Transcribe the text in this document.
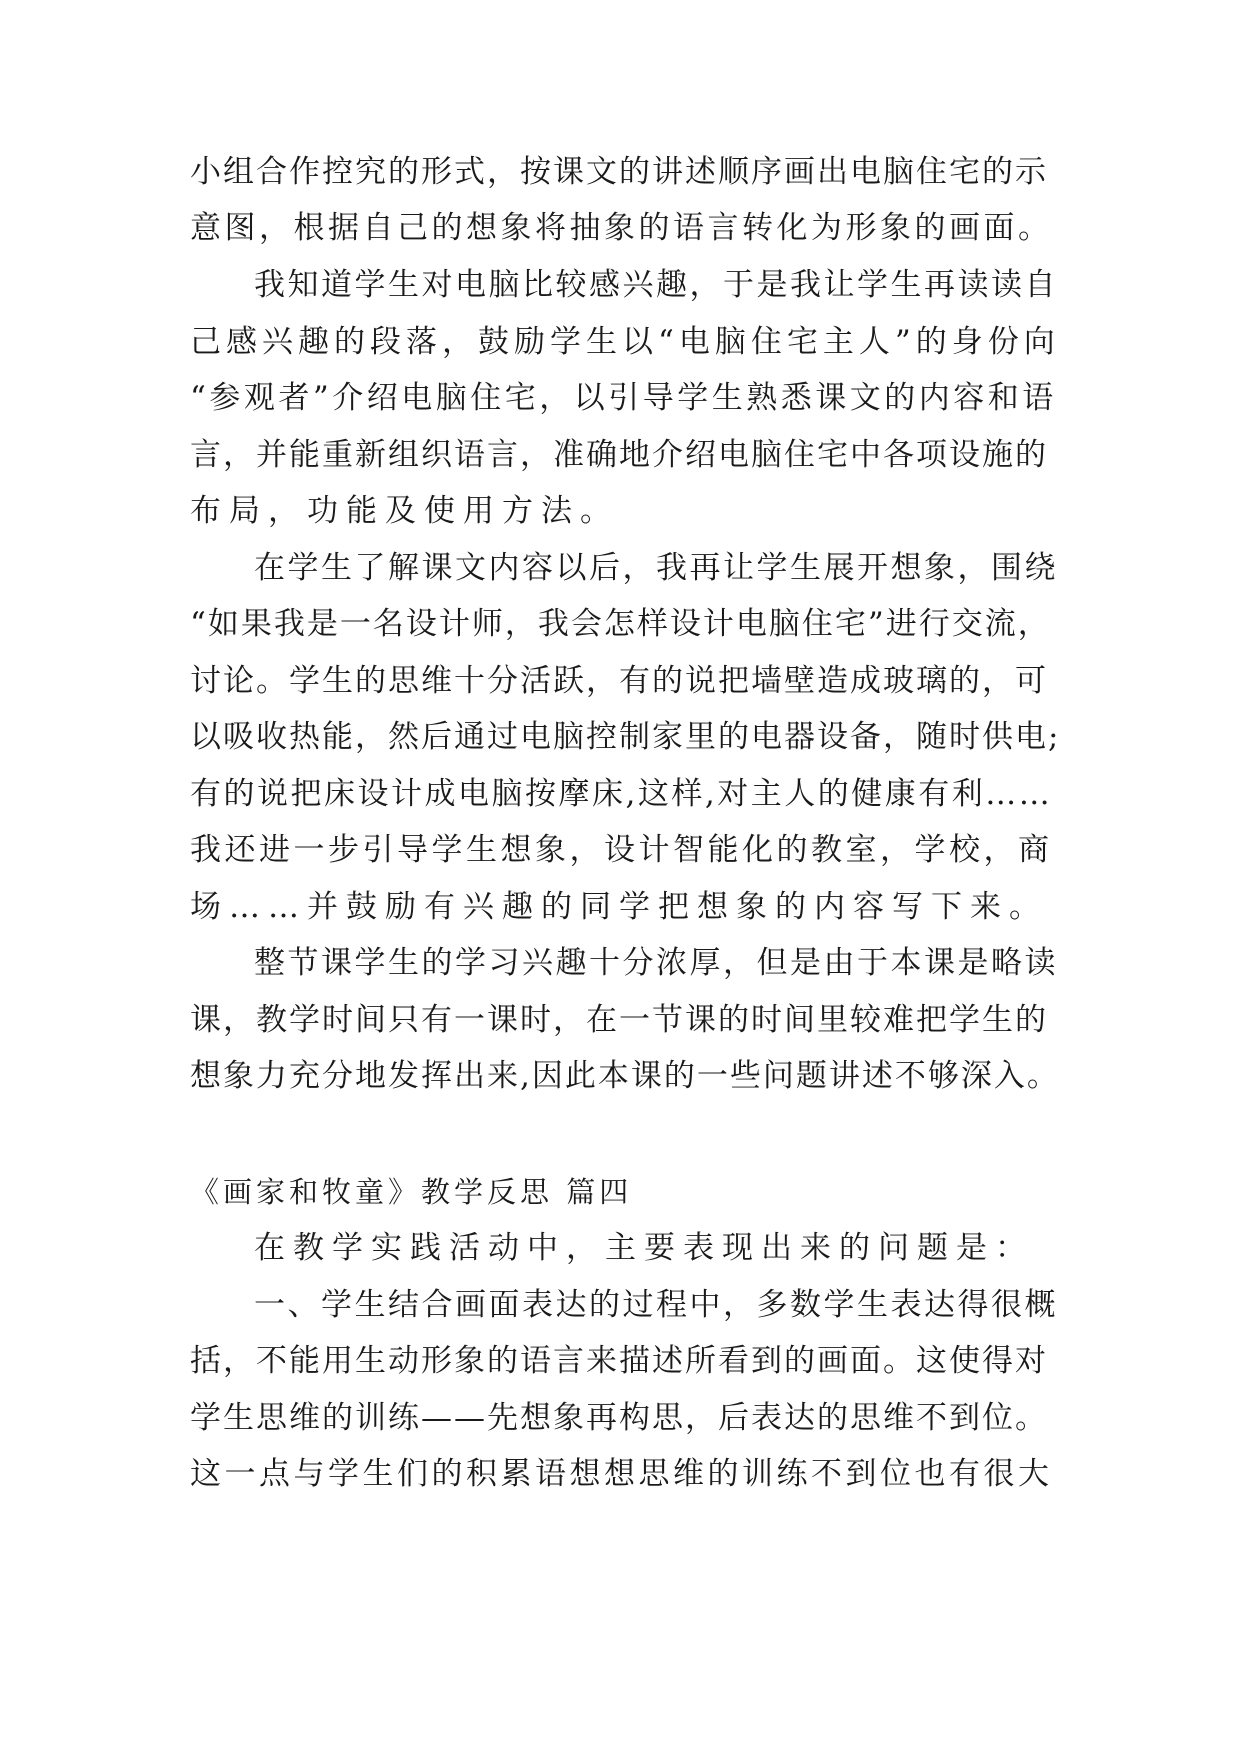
小组合作控究的形式，按课文的讲述顺序画出电脑住宅的示
意图，根据自己的想象将抽象的语言转化为形象的画面。
我知道学生对电脑比较感兴趣，于是我让学生再读读自
己感兴趣的段落，鼓励学生以“电脑住宅主人”的身份向
“参观者”介绍电脑住宅，以引导学生熟悉课文的内容和语
言，并能重新组织语言，准确地介绍电脑住宅中各项设施的
布局，功能及使用方法。
在学生了解课文内容以后，我再让学生展开想象，围绕
“如果我是一名设计师，我会怎样设计电脑住宅”进行交流，
讨论。学生的思维十分活跃，有的说把墙壁造成玻璃的，可
以吸收热能，然后通过电脑控制家里的电器设备，随时供电;
有的说把床设计成电脑按摩床,这样,对主人的健康有利……
我还进一步引导学生想象，设计智能化的教室，学校，商
场……并鼓励有兴趣的同学把想象的内容写下来。
整节课学生的学习兴趣十分浓厚，但是由于本课是略读
课，教学时间只有一课时，在一节课的时间里较难把学生的
想象力充分地发挥出来,因此本课的一些问题讲述不够深入。
《画家和牧童》教学反思 篇四
在教学实践活动中，主要表现出来的问题是：
一、学生结合画面表达的过程中，多数学生表达得很概
括，不能用生动形象的语言来描述所看到的画面。这使得对
学生思维的训练——先想象再构思，后表达的思维不到位。
这一点与学生们的积累语想想思维的训练不到位也有很大
